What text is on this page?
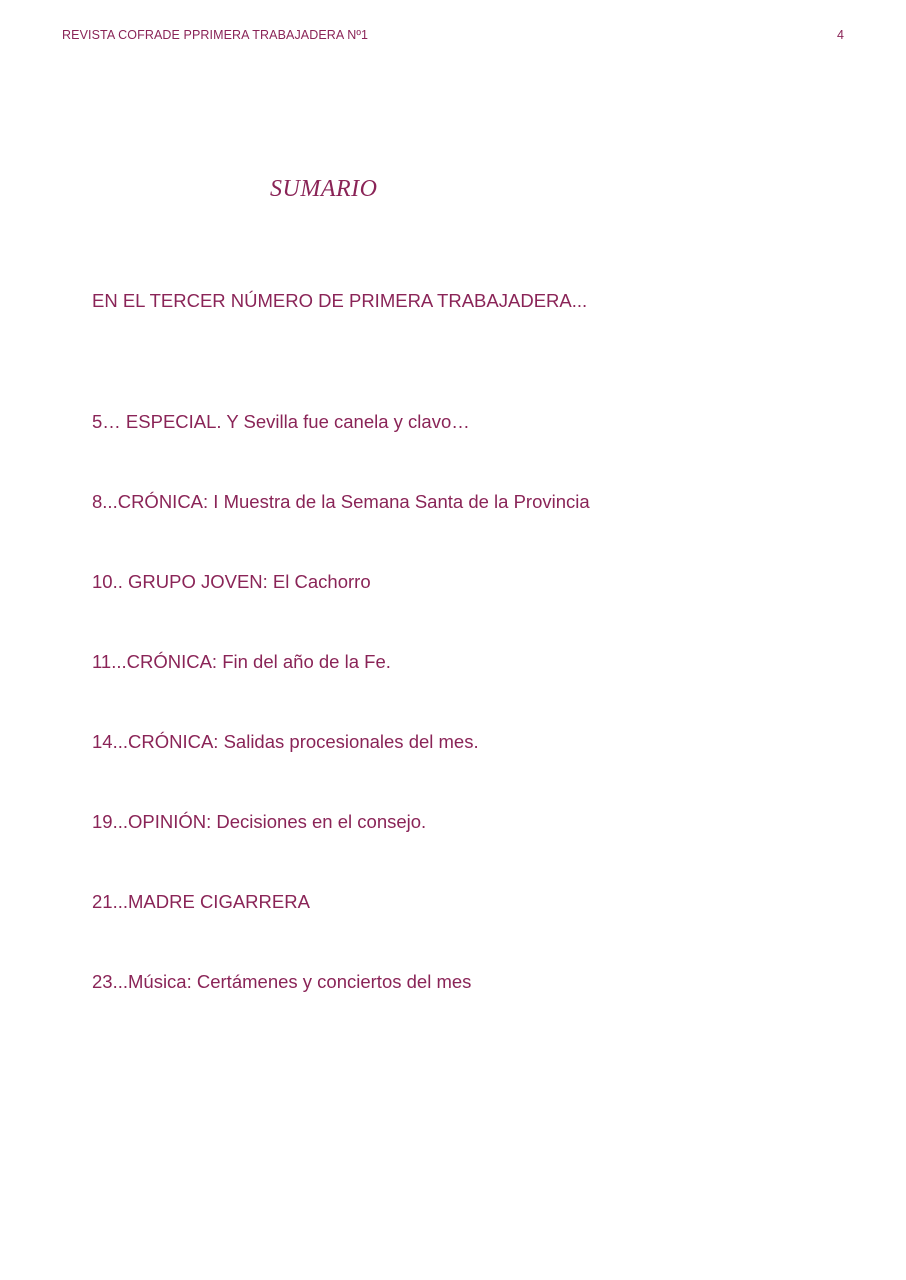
REVISTA COFRADE PPRIMERA TRABAJADERA Nº1	4
SUMARIO
EN EL TERCER NÚMERO DE PRIMERA TRABAJADERA...
5… ESPECIAL. Y Sevilla fue canela y clavo…
8...CRÓNICA: I Muestra de la Semana Santa de la Provincia
10.. GRUPO JOVEN: El Cachorro
11...CRÓNICA: Fin del año de la Fe.
14...CRÓNICA: Salidas procesionales del mes.
19...OPINIÓN: Decisiones en el consejo.
21...MADRE CIGARRERA
23...Música: Certámenes y conciertos del mes
